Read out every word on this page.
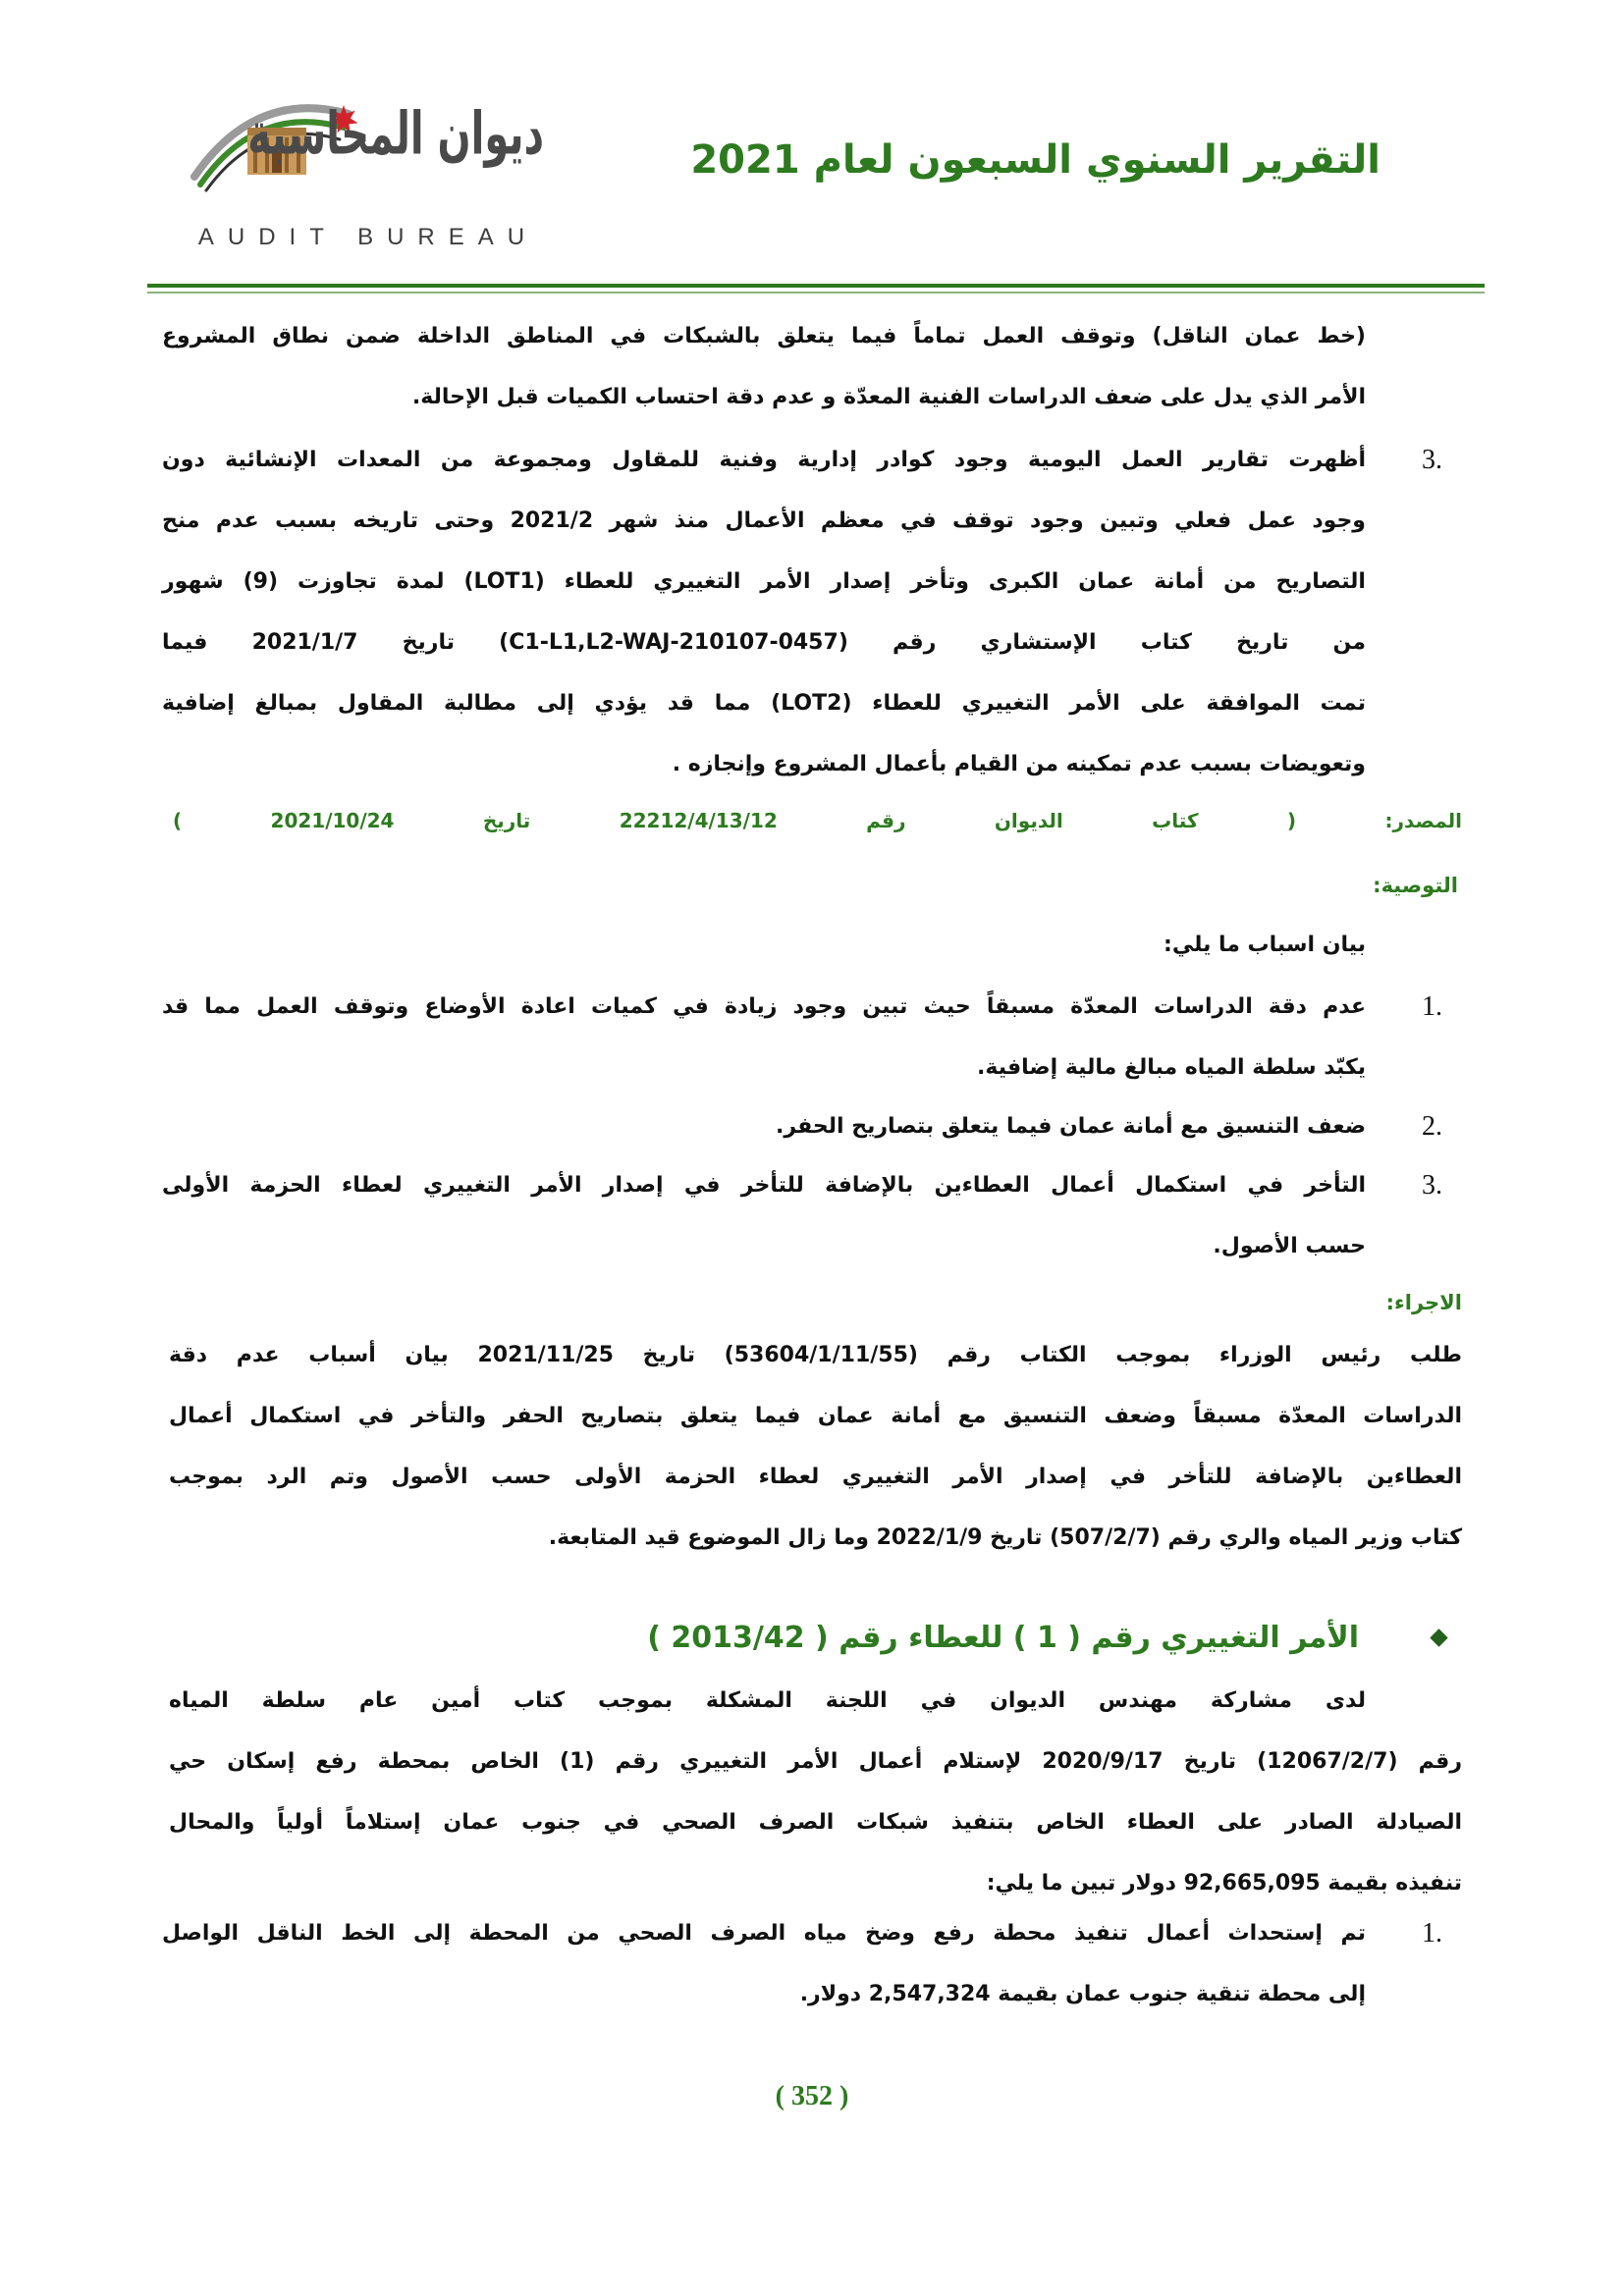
ديوان المحاسبة
AUDIT BUREAU
التقرير السنوي السبعون لعام 2021
(خط عمان الناقل) وتوقف العمل تماماً فيما يتعلق بالشبكات في المناطق الداخلة ضمن نطاق المشروع
الأمر الذي يدل على ضعف الدراسات الفنية المعدّة و عدم دقة احتساب الكميات قبل الإحالة.
3.
أظهرت تقارير العمل اليومية وجود كوادر إدارية وفنية للمقاول ومجموعة من المعدات الإنشائية دون
وجود عمل فعلي وتبين وجود توقف في معظم الأعمال منذ شهر 2021/2 وحتى تاريخه بسبب عدم منح
التصاريح من أمانة عمان الكبرى وتأخر إصدار الأمر التغييري للعطاء (LOT1) لمدة تجاوزت (9) شهور
من تاريخ كتاب الإستشاري رقم (C1-L1,L2-WAJ-210107-0457) تاريخ 2021/1/7 فيما
تمت الموافقة على الأمر التغييري للعطاء (LOT2) مما قد يؤدي إلى مطالبة المقاول بمبالغ إضافية
وتعويضات بسبب عدم تمكينه من القيام بأعمال المشروع وإنجازه .
المصدر: ( كتاب الديوان رقم 22212/4/13/12 تاريخ 2021/10/24 )
التوصية:
بيان اسباب ما يلي:
1.
عدم دقة الدراسات المعدّة مسبقاً حيث تبين وجود زيادة في كميات اعادة الأوضاع وتوقف العمل مما قد
يكبّد سلطة المياه مبالغ مالية إضافية.
2.
ضعف التنسيق مع أمانة عمان فيما يتعلق بتصاريح الحفر.
3.
التأخر في استكمال أعمال العطاءين بالإضافة للتأخر في إصدار الأمر التغييري لعطاء الحزمة الأولى
حسب الأصول.
الاجراء:
طلب رئيس الوزراء بموجب الكتاب رقم (53604/1/11/55) تاريخ 2021/11/25 بيان أسباب عدم دقة
الدراسات المعدّة مسبقاً وضعف التنسيق مع أمانة عمان فيما يتعلق بتصاريح الحفر والتأخر في استكمال أعمال
العطاءين بالإضافة للتأخر في إصدار الأمر التغييري لعطاء الحزمة الأولى حسب الأصول وتم الرد بموجب
كتاب وزير المياه والري رقم (507/2/7) تاريخ 2022/1/9 وما زال الموضوع قيد المتابعة.
الأمر التغييري رقم ( 1 ) للعطاء رقم ( 2013/42 )
لدى مشاركة مهندس الديوان في اللجنة المشكلة بموجب كتاب أمين عام سلطة المياه
رقم (12067/2/7) تاريخ 2020/9/17 لإستلام أعمال الأمر التغييري رقم (1) الخاص بمحطة رفع إسكان حي
الصيادلة الصادر على العطاء الخاص بتنفيذ شبكات الصرف الصحي في جنوب عمان إستلاماً أولياً والمحال
تنفيذه بقيمة 92,665,095 دولار تبين ما يلي:
1.
تم إستحداث أعمال تنفيذ محطة رفع وضخ مياه الصرف الصحي من المحطة إلى الخط الناقل الواصل
إلى محطة تنقية جنوب عمان بقيمة 2,547,324 دولار.
( 352 )
